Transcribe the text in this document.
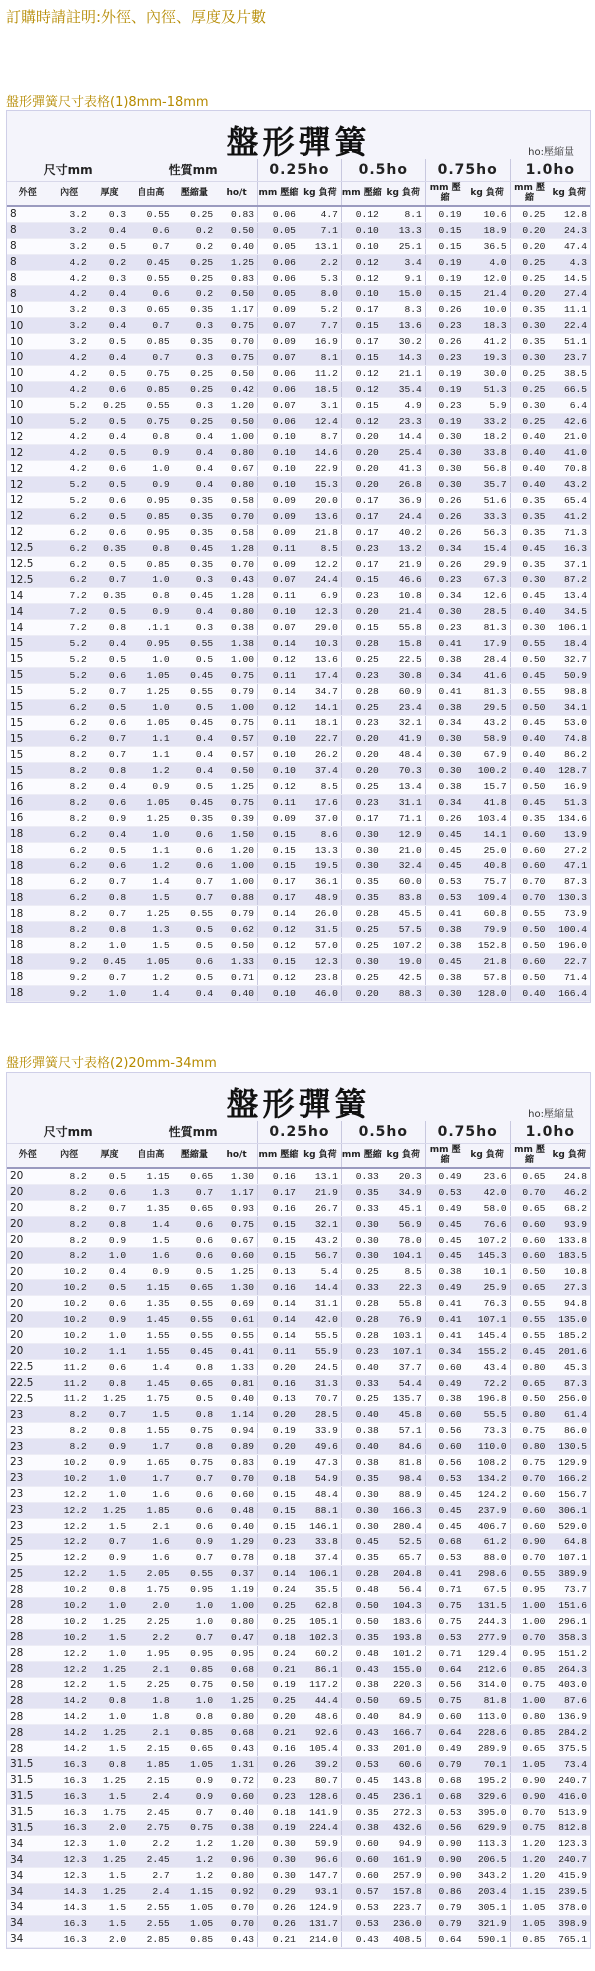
訂購時請註明:外徑、內徑、厚度及片數
盤形彈簧尺寸表格(1)8mm-18mm
盤形彈簧	ho:壓縮量
尺寸mm			性質mm			0.25ho		0.5ho		0.75ho		1.0ho	
外徑	內徑	厚度	自由高	壓縮量	ho/t	mm 壓縮	kg 負荷	mm 壓縮	kg 負荷	mm 壓縮	kg 負荷	mm 壓縮	kg 負荷
8	3.2	0.3	0.55	0.25	0.83	0.06	4.7	0.12	8.1	0.19	10.6	0.25	12.8
8	3.2	0.4	0.6	0.2	0.50	0.05	7.1	0.10	13.3	0.15	18.9	0.20	24.3
8	3.2	0.5	0.7	0.2	0.40	0.05	13.1	0.10	25.1	0.15	36.5	0.20	47.4
8	4.2	0.2	0.45	0.25	1.25	0.06	2.2	0.12	3.4	0.19	4.0	0.25	4.3
8	4.2	0.3	0.55	0.25	0.83	0.06	5.3	0.12	9.1	0.19	12.0	0.25	14.5
8	4.2	0.4	0.6	0.2	0.50	0.05	8.0	0.10	15.0	0.15	21.4	0.20	27.4
10	3.2	0.3	0.65	0.35	1.17	0.09	5.2	0.17	8.3	0.26	10.0	0.35	11.1
10	3.2	0.4	0.7	0.3	0.75	0.07	7.7	0.15	13.6	0.23	18.3	0.30	22.4
10	3.2	0.5	0.85	0.35	0.70	0.09	16.9	0.17	30.2	0.26	41.2	0.35	51.1
10	4.2	0.4	0.7	0.3	0.75	0.07	8.1	0.15	14.3	0.23	19.3	0.30	23.7
10	4.2	0.5	0.75	0.25	0.50	0.06	11.2	0.12	21.1	0.19	30.0	0.25	38.5
10	4.2	0.6	0.85	0.25	0.42	0.06	18.5	0.12	35.4	0.19	51.3	0.25	66.5
10	5.2	0.25	0.55	0.3	1.20	0.07	3.1	0.15	4.9	0.23	5.9	0.30	6.4
10	5.2	0.5	0.75	0.25	0.50	0.06	12.4	0.12	23.3	0.19	33.2	0.25	42.6
12	4.2	0.4	0.8	0.4	1.00	0.10	8.7	0.20	14.4	0.30	18.2	0.40	21.0
12	4.2	0.5	0.9	0.4	0.80	0.10	14.6	0.20	25.4	0.30	33.8	0.40	41.0
12	4.2	0.6	1.0	0.4	0.67	0.10	22.9	0.20	41.3	0.30	56.8	0.40	70.8
12	5.2	0.5	0.9	0.4	0.80	0.10	15.3	0.20	26.8	0.30	35.7	0.40	43.2
12	5.2	0.6	0.95	0.35	0.58	0.09	20.0	0.17	36.9	0.26	51.6	0.35	65.4
12	6.2	0.5	0.85	0.35	0.70	0.09	13.6	0.17	24.4	0.26	33.3	0.35	41.2
12	6.2	0.6	0.95	0.35	0.58	0.09	21.8	0.17	40.2	0.26	56.3	0.35	71.3
12.5	6.2	0.35	0.8	0.45	1.28	0.11	8.5	0.23	13.2	0.34	15.4	0.45	16.3
12.5	6.2	0.5	0.85	0.35	0.70	0.09	12.2	0.17	21.9	0.26	29.9	0.35	37.1
12.5	6.2	0.7	1.0	0.3	0.43	0.07	24.4	0.15	46.6	0.23	67.3	0.30	87.2
14	7.2	0.35	0.8	0.45	1.28	0.11	6.9	0.23	10.8	0.34	12.6	0.45	13.4
14	7.2	0.5	0.9	0.4	0.80	0.10	12.3	0.20	21.4	0.30	28.5	0.40	34.5
14	7.2	0.8	.1.1	0.3	0.38	0.07	29.0	0.15	55.8	0.23	81.3	0.30	106.1
15	5.2	0.4	0.95	0.55	1.38	0.14	10.3	0.28	15.8	0.41	17.9	0.55	18.4
15	5.2	0.5	1.0	0.5	1.00	0.12	13.6	0.25	22.5	0.38	28.4	0.50	32.7
15	5.2	0.6	1.05	0.45	0.75	0.11	17.4	0.23	30.8	0.34	41.6	0.45	50.9
15	5.2	0.7	1.25	0.55	0.79	0.14	34.7	0.28	60.9	0.41	81.3	0.55	98.8
15	6.2	0.5	1.0	0.5	1.00	0.12	14.1	0.25	23.4	0.38	29.5	0.50	34.1
15	6.2	0.6	1.05	0.45	0.75	0.11	18.1	0.23	32.1	0.34	43.2	0.45	53.0
15	6.2	0.7	1.1	0.4	0.57	0.10	22.7	0.20	41.9	0.30	58.9	0.40	74.8
15	8.2	0.7	1.1	0.4	0.57	0.10	26.2	0.20	48.4	0.30	67.9	0.40	86.2
15	8.2	0.8	1.2	0.4	0.50	0.10	37.4	0.20	70.3	0.30	100.2	0.40	128.7
16	8.2	0.4	0.9	0.5	1.25	0.12	8.5	0.25	13.4	0.38	15.7	0.50	16.9
16	8.2	0.6	1.05	0.45	0.75	0.11	17.6	0.23	31.1	0.34	41.8	0.45	51.3
16	8.2	0.9	1.25	0.35	0.39	0.09	37.0	0.17	71.1	0.26	103.4	0.35	134.6
18	6.2	0.4	1.0	0.6	1.50	0.15	8.6	0.30	12.9	0.45	14.1	0.60	13.9
18	6.2	0.5	1.1	0.6	1.20	0.15	13.3	0.30	21.0	0.45	25.0	0.60	27.2
18	6.2	0.6	1.2	0.6	1.00	0.15	19.5	0.30	32.4	0.45	40.8	0.60	47.1
18	6.2	0.7	1.4	0.7	1.00	0.17	36.1	0.35	60.0	0.53	75.7	0.70	87.3
18	6.2	0.8	1.5	0.7	0.88	0.17	48.9	0.35	83.8	0.53	109.4	0.70	130.3
18	8.2	0.7	1.25	0.55	0.79	0.14	26.0	0.28	45.5	0.41	60.8	0.55	73.9
18	8.2	0.8	1.3	0.5	0.62	0.12	31.5	0.25	57.5	0.38	79.9	0.50	100.4
18	8.2	1.0	1.5	0.5	0.50	0.12	57.0	0.25	107.2	0.38	152.8	0.50	196.0
18	9.2	0.45	1.05	0.6	1.33	0.15	12.3	0.30	19.0	0.45	21.8	0.60	22.7
18	9.2	0.7	1.2	0.5	0.71	0.12	23.8	0.25	42.5	0.38	57.8	0.50	71.4
18	9.2	1.0	1.4	0.4	0.40	0.10	46.0	0.20	88.3	0.30	128.0	0.40	166.4
盤形彈簧尺寸表格(2)20mm-34mm
盤形彈簧	ho:壓縮量
尺寸mm			性質mm			0.25ho		0.5ho		0.75ho		1.0ho	
外徑	內徑	厚度	自由高	壓縮量	ho/t	mm 壓縮	kg 負荷	mm 壓縮	kg 負荷	mm 壓縮	kg 負荷	mm 壓縮	kg 負荷
20	8.2	0.5	1.15	0.65	1.30	0.16	13.1	0.33	20.3	0.49	23.6	0.65	24.8
20	8.2	0.6	1.3	0.7	1.17	0.17	21.9	0.35	34.9	0.53	42.0	0.70	46.2
20	8.2	0.7	1.35	0.65	0.93	0.16	26.7	0.33	45.1	0.49	58.0	0.65	68.2
20	8.2	0.8	1.4	0.6	0.75	0.15	32.1	0.30	56.9	0.45	76.6	0.60	93.9
20	8.2	0.9	1.5	0.6	0.67	0.15	43.2	0.30	78.0	0.45	107.2	0.60	133.8
20	8.2	1.0	1.6	0.6	0.60	0.15	56.7	0.30	104.1	0.45	145.3	0.60	183.5
20	10.2	0.4	0.9	0.5	1.25	0.13	5.4	0.25	8.5	0.38	10.1	0.50	10.8
20	10.2	0.5	1.15	0.65	1.30	0.16	14.4	0.33	22.3	0.49	25.9	0.65	27.3
20	10.2	0.6	1.35	0.55	0.69	0.14	31.1	0.28	55.8	0.41	76.3	0.55	94.8
20	10.2	0.9	1.45	0.55	0.61	0.14	42.0	0.28	76.9	0.41	107.1	0.55	135.0
20	10.2	1.0	1.55	0.55	0.55	0.14	55.5	0.28	103.1	0.41	145.4	0.55	185.2
20	10.2	1.1	1.55	0.45	0.41	0.11	55.9	0.23	107.1	0.34	155.2	0.45	201.6
22.5	11.2	0.6	1.4	0.8	1.33	0.20	24.5	0.40	37.7	0.60	43.4	0.80	45.3
22.5	11.2	0.8	1.45	0.65	0.81	0.16	31.3	0.33	54.4	0.49	72.2	0.65	87.3
22.5	11.2	1.25	1.75	0.5	0.40	0.13	70.7	0.25	135.7	0.38	196.8	0.50	256.0
23	8.2	0.7	1.5	0.8	1.14	0.20	28.5	0.40	45.8	0.60	55.5	0.80	61.4
23	8.2	0.8	1.55	0.75	0.94	0.19	33.9	0.38	57.1	0.56	73.3	0.75	86.0
23	8.2	0.9	1.7	0.8	0.89	0.20	49.6	0.40	84.6	0.60	110.0	0.80	130.5
23	10.2	0.9	1.65	0.75	0.83	0.19	47.3	0.38	81.8	0.56	108.2	0.75	129.9
23	10.2	1.0	1.7	0.7	0.70	0.18	54.9	0.35	98.4	0.53	134.2	0.70	166.2
23	12.2	1.0	1.6	0.6	0.60	0.15	48.4	0.30	88.9	0.45	124.2	0.60	156.7
23	12.2	1.25	1.85	0.6	0.48	0.15	88.1	0.30	166.3	0.45	237.9	0.60	306.1
23	12.2	1.5	2.1	0.6	0.40	0.15	146.1	0.30	280.4	0.45	406.7	0.60	529.0
25	12.2	0.7	1.6	0.9	1.29	0.23	33.8	0.45	52.5	0.68	61.2	0.90	64.8
25	12.2	0.9	1.6	0.7	0.78	0.18	37.4	0.35	65.7	0.53	88.0	0.70	107.1
25	12.2	1.5	2.05	0.55	0.37	0.14	106.1	0.28	204.8	0.41	298.6	0.55	389.9
28	10.2	0.8	1.75	0.95	1.19	0.24	35.5	0.48	56.4	0.71	67.5	0.95	73.7
28	10.2	1.0	2.0	1.0	1.00	0.25	62.8	0.50	104.3	0.75	131.5	1.00	151.6
28	10.2	1.25	2.25	1.0	0.80	0.25	105.1	0.50	183.6	0.75	244.3	1.00	296.1
28	10.2	1.5	2.2	0.7	0.47	0.18	102.3	0.35	193.8	0.53	277.9	0.70	358.3
28	12.2	1.0	1.95	0.95	0.95	0.24	60.2	0.48	101.2	0.71	129.4	0.95	151.2
28	12.2	1.25	2.1	0.85	0.68	0.21	86.1	0.43	155.0	0.64	212.6	0.85	264.3
28	12.2	1.5	2.25	0.75	0.50	0.19	117.2	0.38	220.3	0.56	314.0	0.75	403.0
28	14.2	0.8	1.8	1.0	1.25	0.25	44.4	0.50	69.5	0.75	81.8	1.00	87.6
28	14.2	1.0	1.8	0.8	0.80	0.20	48.6	0.40	84.9	0.60	113.0	0.80	136.9
28	14.2	1.25	2.1	0.85	0.68	0.21	92.6	0.43	166.7	0.64	228.6	0.85	284.2
28	14.2	1.5	2.15	0.65	0.43	0.16	105.4	0.33	201.0	0.49	289.9	0.65	375.5
31.5	16.3	0.8	1.85	1.05	1.31	0.26	39.2	0.53	60.6	0.79	70.1	1.05	73.4
31.5	16.3	1.25	2.15	0.9	0.72	0.23	80.7	0.45	143.8	0.68	195.2	0.90	240.7
31.5	16.3	1.5	2.4	0.9	0.60	0.23	128.6	0.45	236.1	0.68	329.6	0.90	416.0
31.5	16.3	1.75	2.45	0.7	0.40	0.18	141.9	0.35	272.3	0.53	395.0	0.70	513.9
31.5	16.3	2.0	2.75	0.75	0.38	0.19	224.4	0.38	432.6	0.56	629.9	0.75	812.8
34	12.3	1.0	2.2	1.2	1.20	0.30	59.9	0.60	94.9	0.90	113.3	1.20	123.3
34	12.3	1.25	2.45	1.2	0.96	0.30	96.6	0.60	161.9	0.90	206.5	1.20	240.7
34	12.3	1.5	2.7	1.2	0.80	0.30	147.7	0.60	257.9	0.90	343.2	1.20	415.9
34	14.3	1.25	2.4	1.15	0.92	0.29	93.1	0.57	157.8	0.86	203.4	1.15	239.5
34	14.3	1.5	2.55	1.05	0.70	0.26	124.9	0.53	223.7	0.79	305.1	1.05	378.0
34	16.3	1.5	2.55	1.05	0.70	0.26	131.7	0.53	236.0	0.79	321.9	1.05	398.9
34	16.3	2.0	2.85	0.85	0.43	0.21	214.0	0.43	408.5	0.64	590.1	0.85	765.1
